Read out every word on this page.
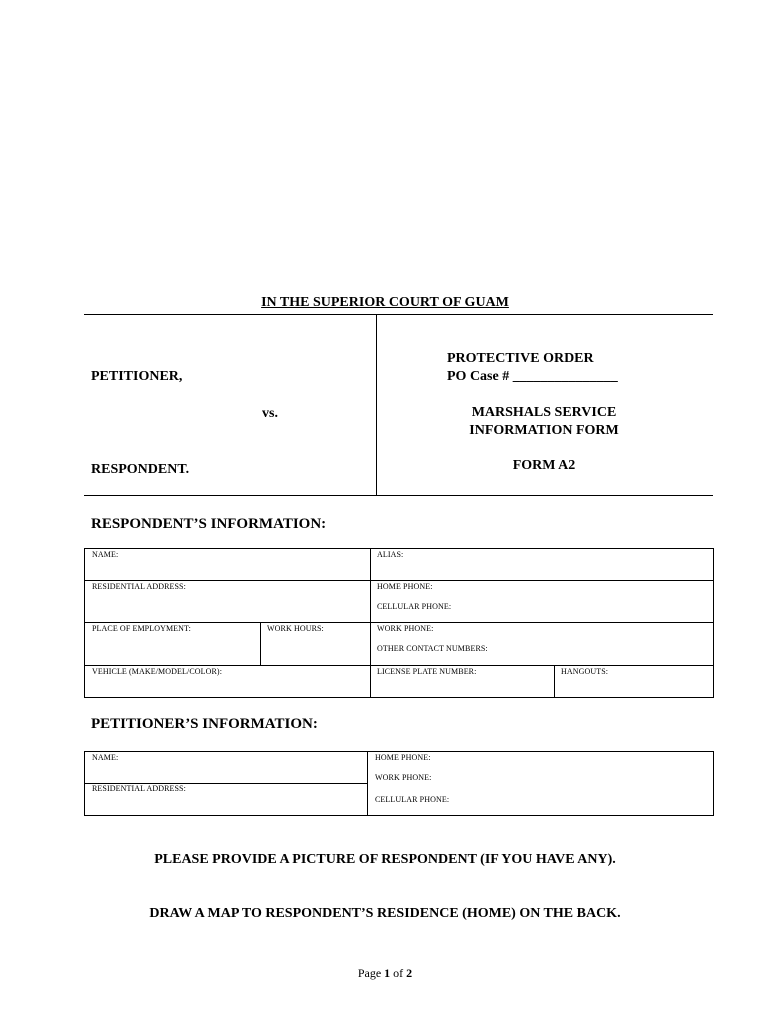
IN THE SUPERIOR COURT OF GUAM
PETITIONER,
vs.
RESPONDENT.
PROTECTIVE ORDER
PO Case # _______________
MARSHALS SERVICE
INFORMATION FORM
FORM A2
RESPONDENT’S INFORMATION:
NAME:	ALIAS:
RESIDENTIAL ADDRESS:	HOME PHONE:
CELLULAR PHONE:
PLACE OF EMPLOYMENT:	WORK HOURS:	WORK PHONE:
OTHER CONTACT NUMBERS:
VEHICLE (MAKE/MODEL/COLOR):	LICENSE PLATE NUMBER:	HANGOUTS:
PETITIONER’S INFORMATION:
NAME:
RESIDENTIAL ADDRESS:
HOME PHONE:
WORK PHONE:
CELLULAR PHONE:
PLEASE PROVIDE A PICTURE OF RESPONDENT (IF YOU HAVE ANY).
DRAW A MAP TO RESPONDENT’S RESIDENCE (HOME) ON THE BACK.
Page 1 of 2
